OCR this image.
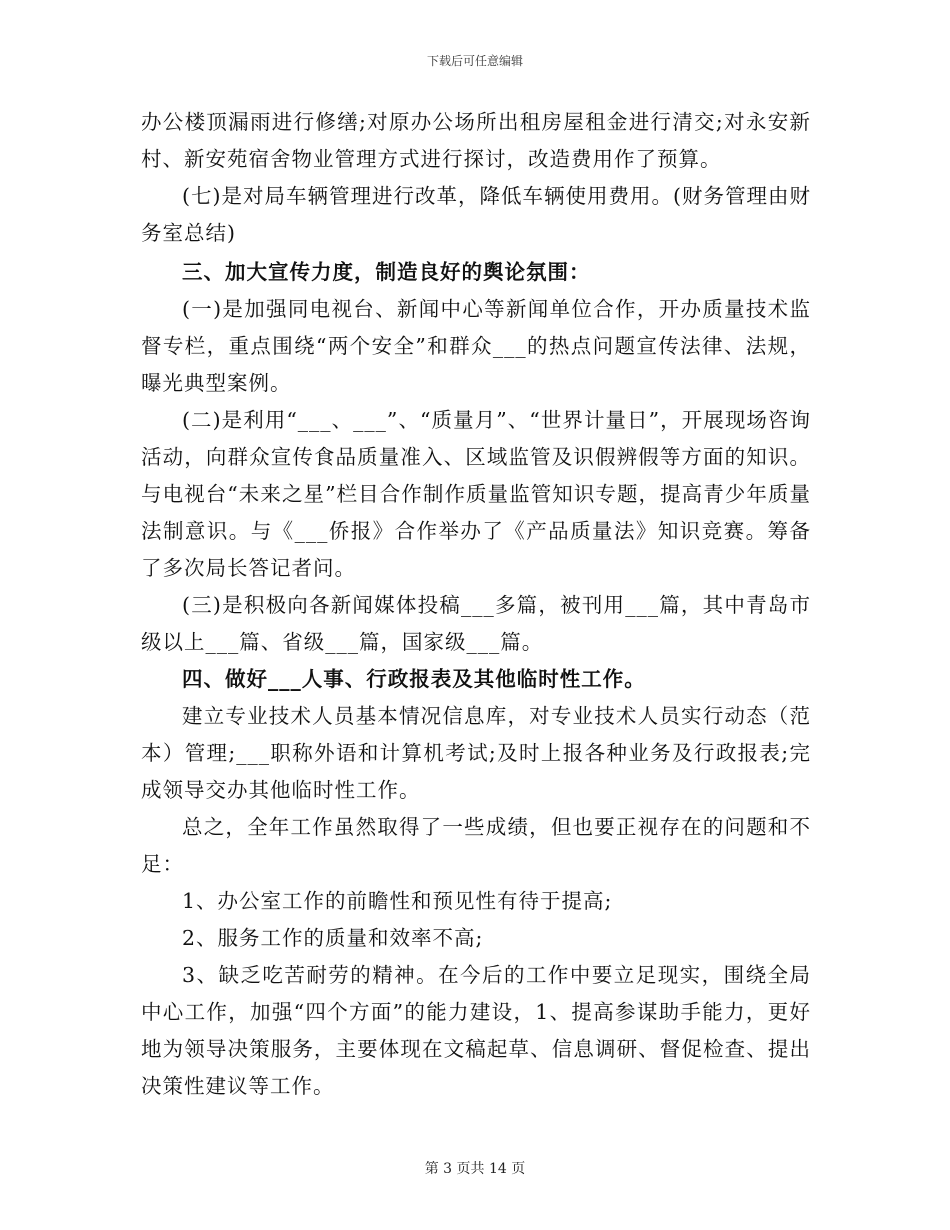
下载后可任意编辑

办公楼顶漏雨进行修缮;对原办公场所出租房屋租金进行清交;对永安新村、新安苑宿舍物业管理方式进行探讨，改造费用作了预算。

(七)是对局车辆管理进行改革，降低车辆使用费用。(财务管理由财务室总结)

三、加大宣传力度，制造良好的舆论氛围：

(一)是加强同电视台、新闻中心等新闻单位合作，开办质量技术监督专栏，重点围绕“两个安全”和群众___的热点问题宣传法律、法规，曝光典型案例。

(二)是利用“___、___”、“质量月”、“世界计量日”，开展现场咨询活动，向群众宣传食品质量准入、区域监管及识假辨假等方面的知识。与电视台“未来之星”栏目合作制作质量监管知识专题，提高青少年质量法制意识。与《___侨报》合作举办了《产品质量法》知识竞赛。筹备了多次局长答记者问。

(三)是积极向各新闻媒体投稿___多篇，被刊用___篇，其中青岛市级以上___篇、省级___篇，国家级___篇。

四、做好___人事、行政报表及其他临时性工作。

建立专业技术人员基本情况信息库，对专业技术人员实行动态（范本）管理;___职称外语和计算机考试;及时上报各种业务及行政报表;完成领导交办其他临时性工作。

总之，全年工作虽然取得了一些成绩，但也要正视存在的问题和不足：

1、办公室工作的前瞻性和预见性有待于提高;

2、服务工作的质量和效率不高;

3、缺乏吃苦耐劳的精神。在今后的工作中要立足现实，围绕全局中心工作，加强“四个方面”的能力建设，1、提高参谋助手能力，更好地为领导决策服务，主要体现在文稿起草、信息调研、督促检查、提出决策性建议等工作。

第 3 页共 14 页
